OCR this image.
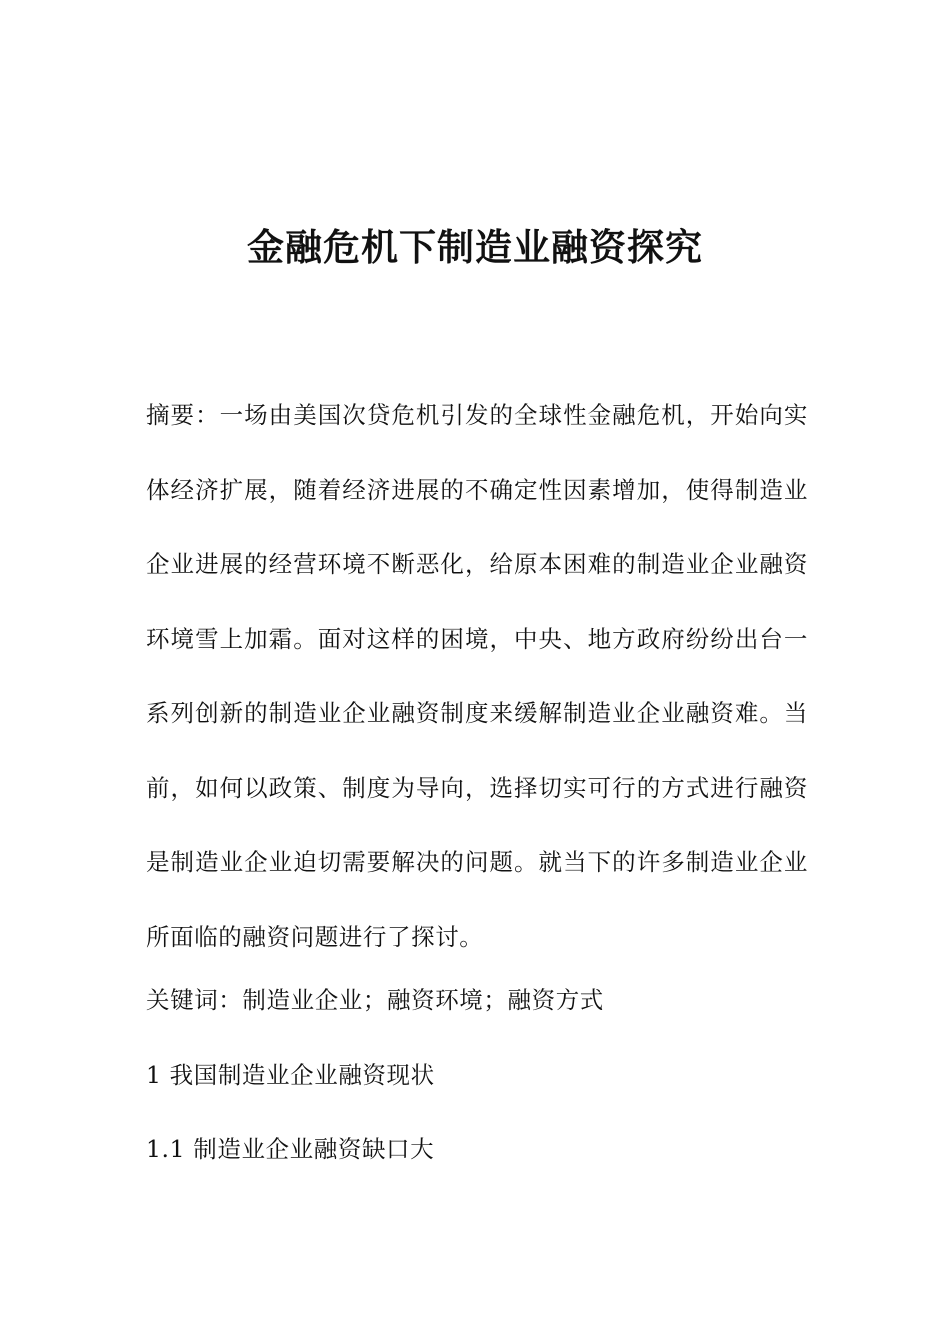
金融危机下制造业融资探究

摘要：一场由美国次贷危机引发的全球性金融危机，开始向实体经济扩展，随着经济进展的不确定性因素增加，使得制造业企业进展的经营环境不断恶化，给原本困难的制造业企业融资环境雪上加霜。面对这样的困境，中央、地方政府纷纷出台一系列创新的制造业企业融资制度来缓解制造业企业融资难。当前，如何以政策、制度为导向，选择切实可行的方式进行融资是制造业企业迫切需要解决的问题。就当下的许多制造业企业所面临的融资问题进行了探讨。

关键词：制造业企业；融资环境；融资方式

1 我国制造业企业融资现状

1.1 制造业企业融资缺口大
